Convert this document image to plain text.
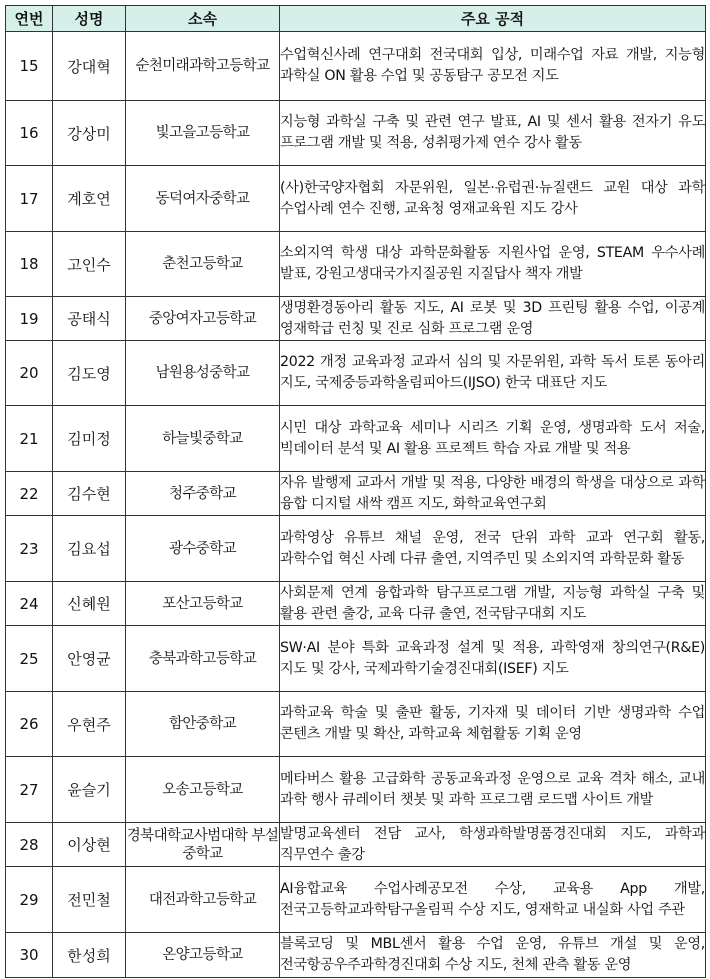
연번	성명	소속	주요 공적
15	강대혁	순천미래과학고등학교	수업혁신사례 연구대회 전국대회 입상, 미래수업 자료 개발, 지능형 과학실 ON 활용 수업 및 공동탐구 공모전 지도
16	강상미	빛고을고등학교	지능형 과학실 구축 및 관련 연구 발표, AI 및 센서 활용 전자기 유도 프로그램 개발 및 적용, 성취평가제 연수 강사 활동
17	계호연	동덕여자중학교	(사)한국양자협회 자문위원, 일본·유럽권·뉴질랜드 교원 대상 과학 수업사례 연수 진행, 교육청 영재교육원 지도 강사
18	고인수	춘천고등학교	소외지역 학생 대상 과학문화활동 지원사업 운영, STEAM 우수사례 발표, 강원고생대국가지질공원 지질답사 책자 개발
19	공태식	중앙여자고등학교	생명환경동아리 활동 지도, AI 로봇 및 3D 프린팅 활용 수업, 이공계 영재학급 런칭 및 진로 심화 프로그램 운영
20	김도영	남원용성중학교	2022 개정 교육과정 교과서 심의 및 자문위원, 과학 독서 토론 동아리 지도, 국제중등과학올림피아드(IJSO) 한국 대표단 지도
21	김미정	하늘빛중학교	시민 대상 과학교육 세미나 시리즈 기획 운영, 생명과학 도서 저술, 빅데이터 분석 및 AI 활용 프로젝트 학습 자료 개발 및 적용
22	김수현	청주중학교	자유 발행제 교과서 개발 및 적용, 다양한 배경의 학생을 대상으로 과학 융합 디지털 새싹 캠프 지도, 화학교육연구회
23	김요섭	광수중학교	과학영상 유튜브 채널 운영, 전국 단위 과학 교과 연구회 활동, 과학수업 혁신 사례 다큐 출연, 지역주민 및 소외지역 과학문화 활동
24	신혜원	포산고등학교	사회문제 연계 융합과학 탐구프로그램 개발, 지능형 과학실 구축 및 활용 관련 출강, 교육 다큐 출연, 전국탐구대회 지도
25	안영균	충북과학고등학교	SW·AI 분야 특화 교육과정 설계 및 적용, 과학영재 창의연구(R&E) 지도 및 강사, 국제과학기술경진대회(ISEF) 지도
26	우현주	함안중학교	과학교육 학술 및 출판 활동, 기자재 및 데이터 기반 생명과학 수업 콘텐츠 개발 및 확산, 과학교육 체험활동 기획 운영
27	윤슬기	오송고등학교	메타버스 활용 고급화학 공동교육과정 운영으로 교육 격차 해소, 교내 과학 행사 큐레이터 챗봇 및 과학 프로그램 로드맵 사이트 개발
28	이상현	경북대학교사범대학 부설중학교	발명교육센터 전담 교사, 학생과학발명품경진대회 지도, 과학과 직무연수 출강
29	전민철	대전과학고등학교	AI융합교육 수업사례공모전 수상, 교육용 App 개발, 전국고등학교과학탐구올림픽 수상 지도, 영재학교 내실화 사업 주관
30	한성희	온양고등학교	블록코딩 및 MBL센서 활용 수업 운영, 유튜브 개설 및 운영, 전국항공우주과학경진대회 수상 지도, 천체 관측 활동 운영
